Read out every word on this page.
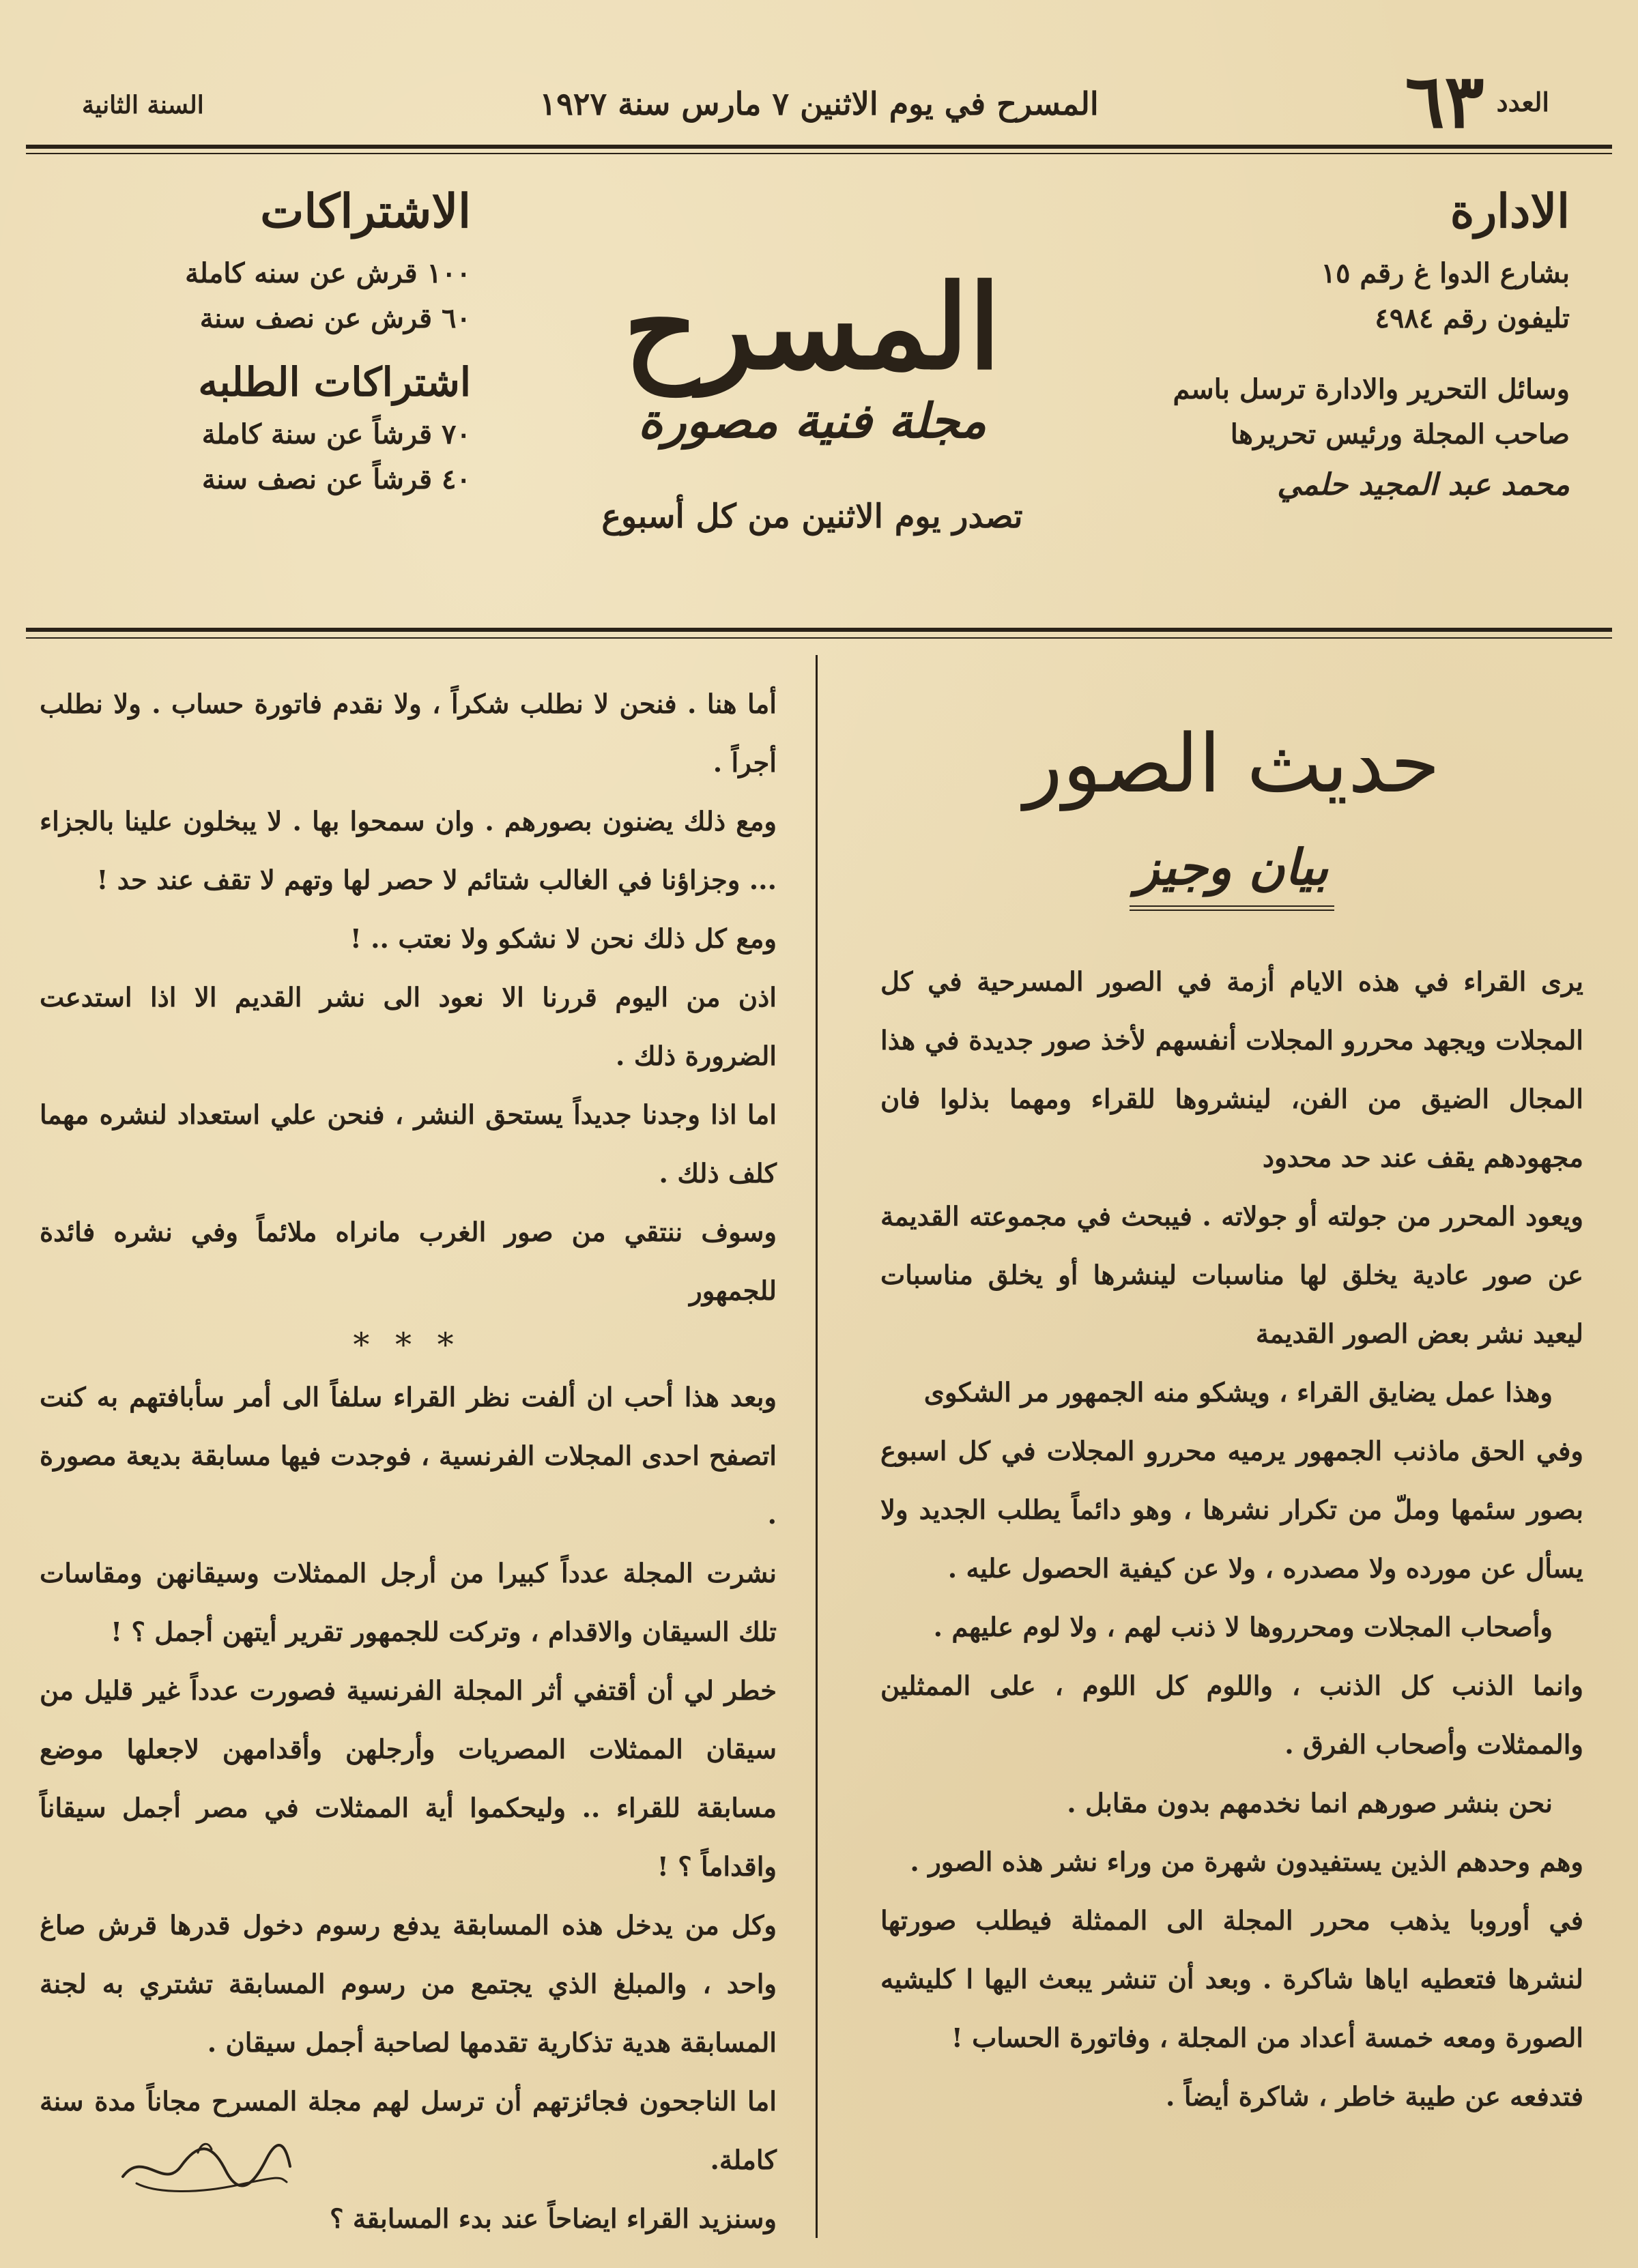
العدد
٦٣
المسرح في يوم الاثنين ٧ مارس سنة ١٩٢٧
السنة الثانية
الادارة
بشارع الدوا غ رقم ١٥
تليفون رقم ٤٩٨٤
وسائل التحرير والادارة ترسل باسم
صاحب المجلة ورئيس تحريرها
محمد عبد المجيد حلمي
المسرح
مجلة فنية مصورة
تصدر يوم الاثنين من كل أسبوع
الاشتراكات
١٠٠ قرش عن سنه كاملة
٦٠ قرش عن نصف سنة
اشتراكات الطلبه
٧٠ قرشاً عن سنة كاملة
٤٠ قرشاً عن نصف سنة
حديث الصور
بيان وجيز

يرى القراء في هذه الايام أزمة في الصور المسرحية في كل المجلات ويجهد محررو المجلات أنفسهم لأخذ صور جديدة في هذا المجال الضيق من الفن، لينشروها للقراء ومهما بذلوا فان مجهودهم يقف عند حد محدود

ويعود المحرر من جولته أو جولاته . فيبحث في مجموعته القديمة عن صور عادية يخلق لها مناسبات لينشرها أو يخلق مناسبات ليعيد نشر بعض الصور القديمة

وهذا عمل يضايق القراء ، ويشكو منه الجمهور مر الشكوى

وفي الحق ماذنب الجمهور يرميه محررو المجلات في كل اسبوع بصور سئمها وملّ من تكرار نشرها ، وهو دائماً يطلب الجديد ولا يسأل عن مورده ولا مصدره ، ولا عن كيفية الحصول عليه .

وأصحاب المجلات ومحرروها لا ذنب لهم ، ولا لوم عليهم .

وانما الذنب كل الذنب ، واللوم كل اللوم ، على الممثلين والممثلات وأصحاب الفرق .

نحن بنشر صورهم انما نخدمهم بدون مقابل .

وهم وحدهم الذين يستفيدون شهرة من وراء نشر هذه الصور .

في أوروبا يذهب محرر المجلة الى الممثلة فيطلب صورتها لنشرها فتعطيه اياها شاكرة . وبعد أن تنشر يبعث اليها ا كليشيه الصورة ومعه خمسة أعداد من المجلة ، وفاتورة الحساب !

فتدفعه عن طيبة خاطر ، شاكرة أيضاً .

أما هنا . فنحن لا نطلب شكراً ، ولا نقدم فاتورة حساب . ولا نطلب أجراً .

ومع ذلك يضنون بصورهم . وان سمحوا بها . لا يبخلون علينا بالجزاء ... وجزاؤنا في الغالب شتائم لا حصر لها وتهم لا تقف عند حد !

ومع كل ذلك نحن لا نشكو ولا نعتب .. !

اذن من اليوم قررنا الا نعود الى نشر القديم الا اذا استدعت الضرورة ذلك .

اما اذا وجدنا جديداً يستحق النشر ، فنحن علي استعداد لنشره مهما كلف ذلك .

وسوف ننتقي من صور الغرب مانراه ملائماً وفي نشره فائدة للجمهور

* * *

وبعد هذا أحب ان ألفت نظر القراء سلفاً الى أمر سأبافتهم به كنت اتصفح احدى المجلات الفرنسية ، فوجدت فيها مسابقة بديعة مصورة .

نشرت المجلة عدداً كبيرا من أرجل الممثلات وسيقانهن ومقاسات تلك السيقان والاقدام ، وتركت للجمهور تقرير أيتهن أجمل ؟ !

خطر لي أن أقتفي أثر المجلة الفرنسية فصورت عدداً غير قليل من سيقان الممثلات المصريات وأرجلهن وأقدامهن لاجعلها موضع مسابقة للقراء .. وليحكموا أية الممثلات في مصر أجمل سيقاناً واقداماً ؟ !

وكل من يدخل هذه المسابقة يدفع رسوم دخول قدرها قرش صاغ واحد ، والمبلغ الذي يجتمع من رسوم المسابقة تشتري به لجنة المسابقة هدية تذكارية تقدمها لصاحبة أجمل سيقان .

اما الناجحون فجائزتهم أن ترسل لهم مجلة المسرح مجاناً مدة سنة كاملة.

وسنزيد القراء ايضاحاً عند بدء المسابقة ؟
